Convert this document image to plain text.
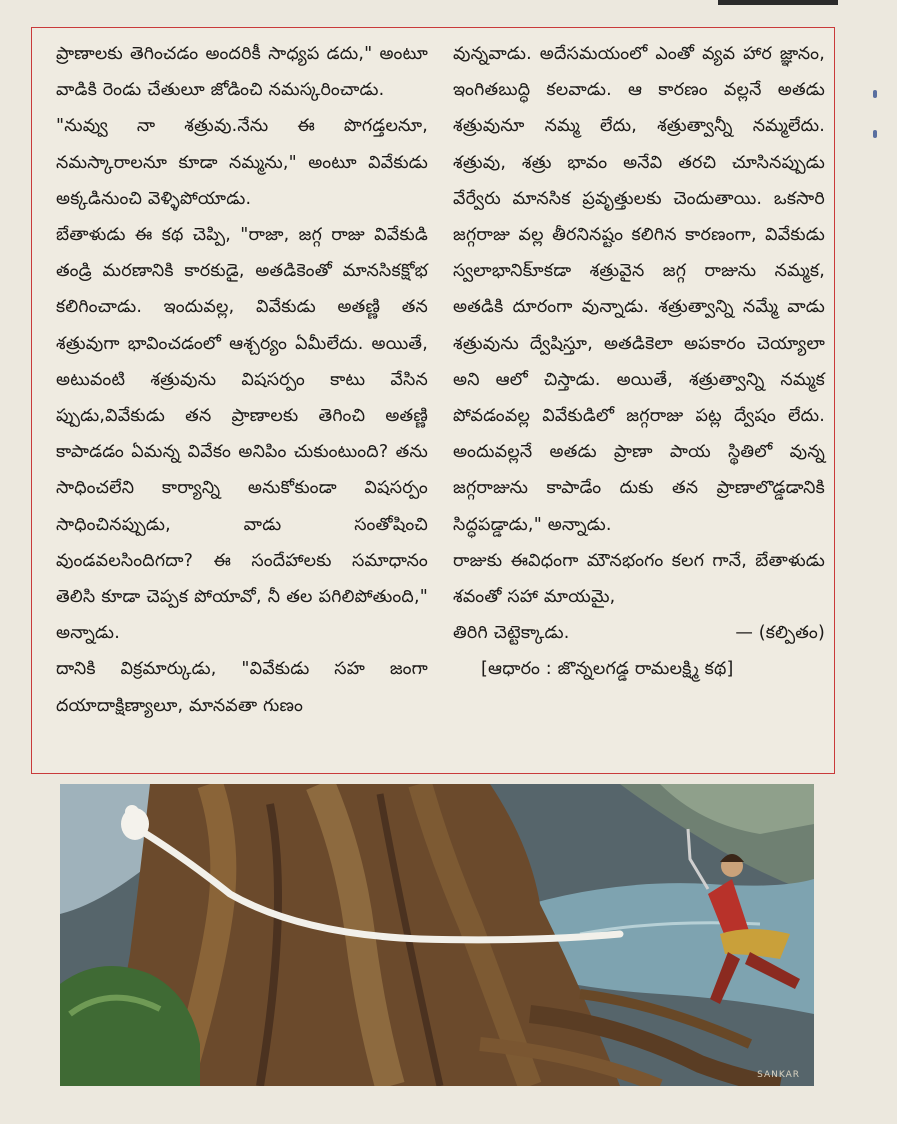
ప్రాణాలకు తెగించడం అందరికీ సాధ్యప డదు," అంటూ వాడికి రెండు చేతులూ జోడించి నమస్కరించాడు.

"నువ్వు నా శత్రువు.నేను ఈ పొగడ్తలనూ, నమస్కారాలనూ కూడా నమ్మను," అంటూ వివేకుడు అక్కడినుంచి వెళ్ళిపోయాడు.

బేతాళుడు ఈ కథ చెప్పి, "రాజా, జగ్గ రాజు వివేకుడి తండ్రి మరణానికి కారకుడై, అతడికెంతో మానసికక్షోభ కలిగించాడు. ఇందువల్ల, వివేకుడు అతణ్ణి తన శత్రువుగా భావించడంలో ఆశ్చర్యం ఏమీలేదు. అయితే, అటువంటి శత్రువును విషసర్పం కాటు వేసిన ప్పుడు,వివేకుడు తన ప్రాణాలకు తెగించి అతణ్ణి కాపాడడం ఏమన్న వివేకం అనిపిం చుకుంటుంది? తను సాధించలేని కార్యాన్ని అనుకోకుండా విషసర్పం సాధించినప్పుడు, వాడు సంతోషించి వుండవలసిందిగదా? ఈ సందేహాలకు సమాధానం తెలిసి కూడా చెప్పక పోయావో, నీ తల పగిలిపోతుంది," అన్నాడు.

దానికి విక్రమార్కుడు, "వివేకుడు సహ జంగా దయాదాక్షిణ్యాలూ, మానవతా గుణం

వున్నవాడు. అదేసమయంలో ఎంతో వ్యవ హార జ్ఞానం, ఇంగితబుద్ధి కలవాడు. ఆ కారణం వల్లనే అతడు శత్రువునూ నమ్మ లేదు, శత్రుత్వాన్నీ నమ్మలేదు. శత్రువు, శత్రు భావం అనేవి తరచి చూసినప్పుడు వేర్వేరు మానసిక ప్రవృత్తులకు చెందుతాయి. ఒకసారి జగ్గరాజు వల్ల తీరనినష్టం కలిగిన కారణంగా, వివేకుడు స్వలాభానికూ్కడా శత్రువైన జగ్గ రాజును నమ్మక, అతడికి దూరంగా వున్నాడు. శత్రుత్వాన్ని నమ్మే వాడు శత్రువును ద్వేషిస్తూ, అతడికెలా అపకారం చెయ్యాలా అని ఆలో చిస్తాడు. అయితే, శత్రుత్వాన్ని నమ్మక పోవడంవల్ల వివేకుడిలో జగ్గరాజు పట్ల ద్వేషం లేదు. అందువల్లనే అతడు ప్రాణా పాయ స్థితిలో వున్న జగ్గరాజును కాపాడేం దుకు తన ప్రాణాలొడ్డడానికి సిద్ధపడ్డాడు," అన్నాడు.

రాజుకు ఈవిధంగా మౌనభంగం కలగ గానే, బేతాళుడు శవంతో సహా మాయమై,

తిరిగి చెట్టెక్కాడు.	— (కల్పితం)
[ఆధారం : జొన్నలగడ్డ రామలక్ష్మి కథ]
SANKAR
